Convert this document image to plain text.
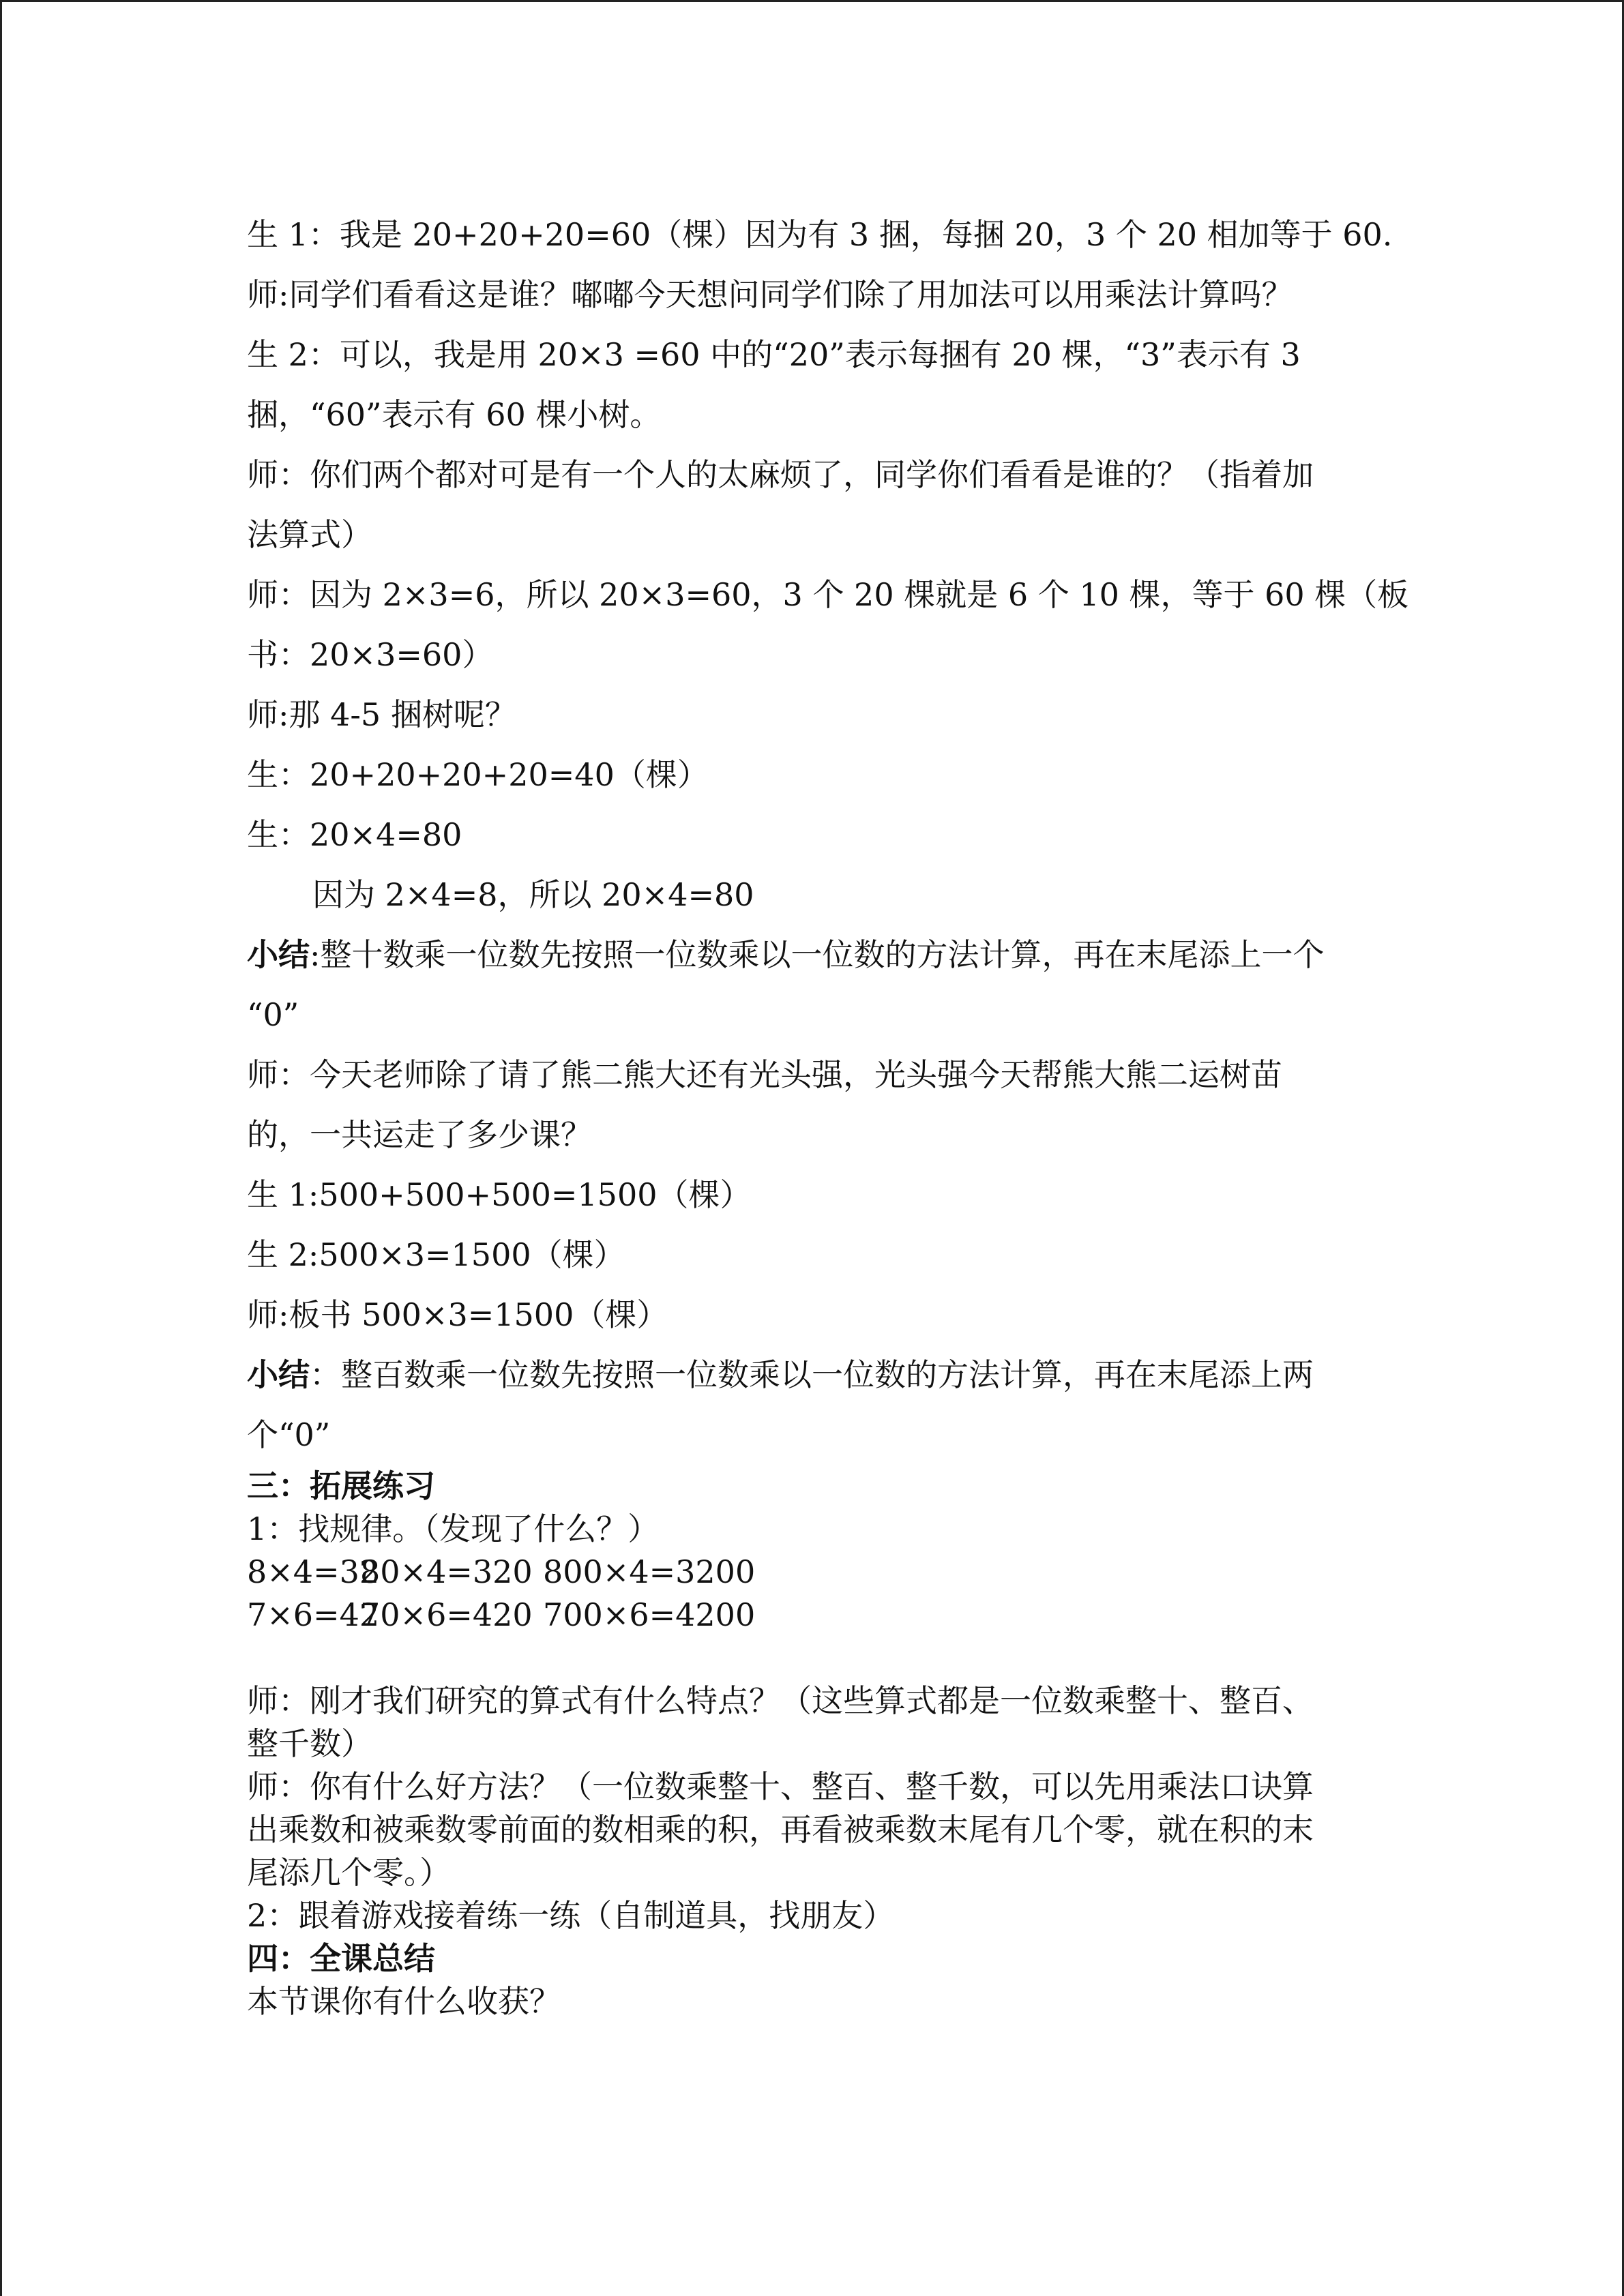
生 1：我是 20+20+20=60（棵）因为有 3 捆，每捆 20，3 个 20 相加等于 60.
师:同学们看看这是谁？嘟嘟今天想问同学们除了用加法可以用乘法计算吗？
生 2：可以，我是用 20×3 =60 中的“20”表示每捆有 20 棵，“3”表示有 3
捆，“60”表示有 60 棵小树。
师：你们两个都对可是有一个人的太麻烦了，同学你们看看是谁的？（指着加
法算式）
师：因为 2×3=6，所以 20×3=60，3 个 20 棵就是 6 个 10 棵，等于 60 棵（板
书：20×3=60）
师:那 4-5 捆树呢？
生：20+20+20+20=40（棵）
生：20×4=80
因为 2×4=8，所以 20×4=80
小结:整十数乘一位数先按照一位数乘以一位数的方法计算，再在末尾添上一个
“0”
师：今天老师除了请了熊二熊大还有光头强，光头强今天帮熊大熊二运树苗
的，一共运走了多少课？
生 1:500+500+500=1500（棵）
生 2:500×3=1500（棵）
师:板书 500×3=1500（棵）
小结：整百数乘一位数先按照一位数乘以一位数的方法计算，再在末尾添上两
个“0”
三：拓展练习
1：找规律。（发现了什么？）
8×4=32
80×4=320 800×4=3200
7×6=42
70×6=420 700×6=4200
师：刚才我们研究的算式有什么特点？（这些算式都是一位数乘整十、整百、
整千数）
师：你有什么好方法？（一位数乘整十、整百、整千数，可以先用乘法口诀算
出乘数和被乘数零前面的数相乘的积，再看被乘数末尾有几个零，就在积的末
尾添几个零。）
2：跟着游戏接着练一练（自制道具，找朋友）
四：全课总结
本节课你有什么收获？
